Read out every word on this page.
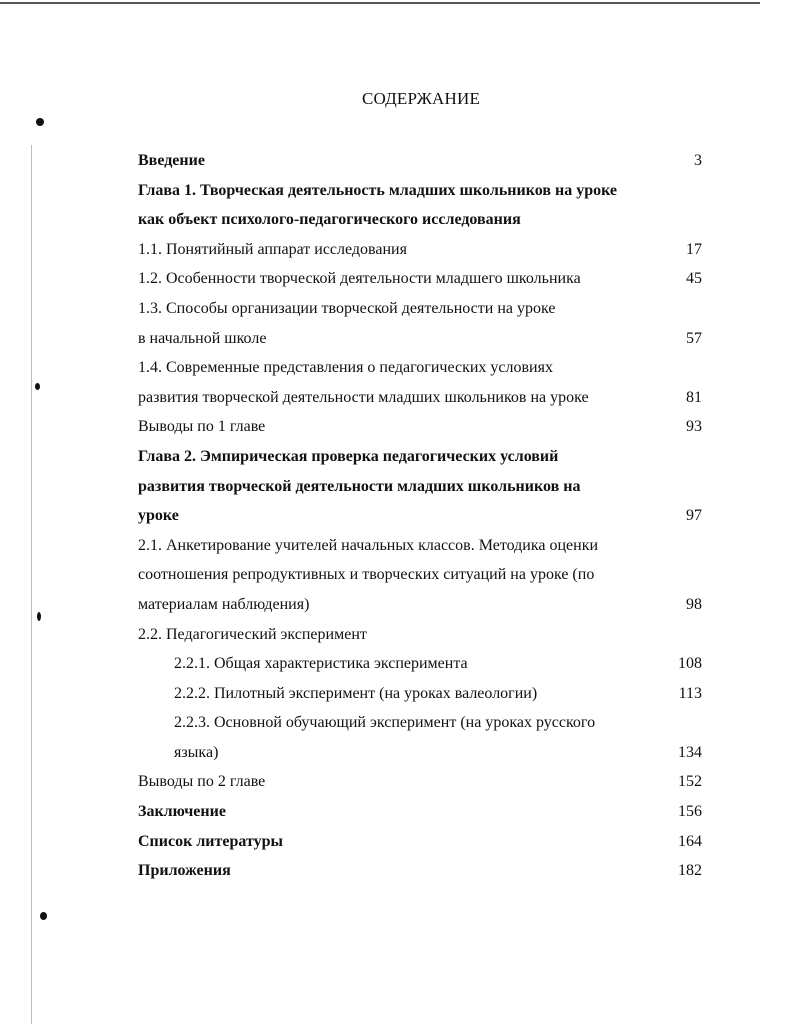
СОДЕРЖАНИЕ
Введение	3
Глава 1. Творческая деятельность младших школьников на уроке
как объект психолого-педагогического исследования
1.1. Понятийный аппарат исследования	17
1.2. Особенности творческой деятельности младшего школьника	45
1.3. Способы организации творческой деятельности на уроке
в начальной школе	57
1.4. Современные представления о педагогических условиях
развития творческой деятельности младших школьников на уроке	81
Выводы по 1 главе	93
Глава 2. Эмпирическая проверка педагогических условий
развития творческой деятельности младших школьников на
уроке	97
2.1. Анкетирование учителей начальных классов. Методика оценки
соотношения репродуктивных и творческих ситуаций на уроке (по
материалам наблюдения)	98
2.2. Педагогический эксперимент
2.2.1. Общая характеристика эксперимента	108
2.2.2. Пилотный эксперимент (на уроках валеологии)	113
2.2.3. Основной обучающий эксперимент (на уроках русского
языка)	134
Выводы по 2 главе	152
Заключение	156
Список литературы	164
Приложения	182
